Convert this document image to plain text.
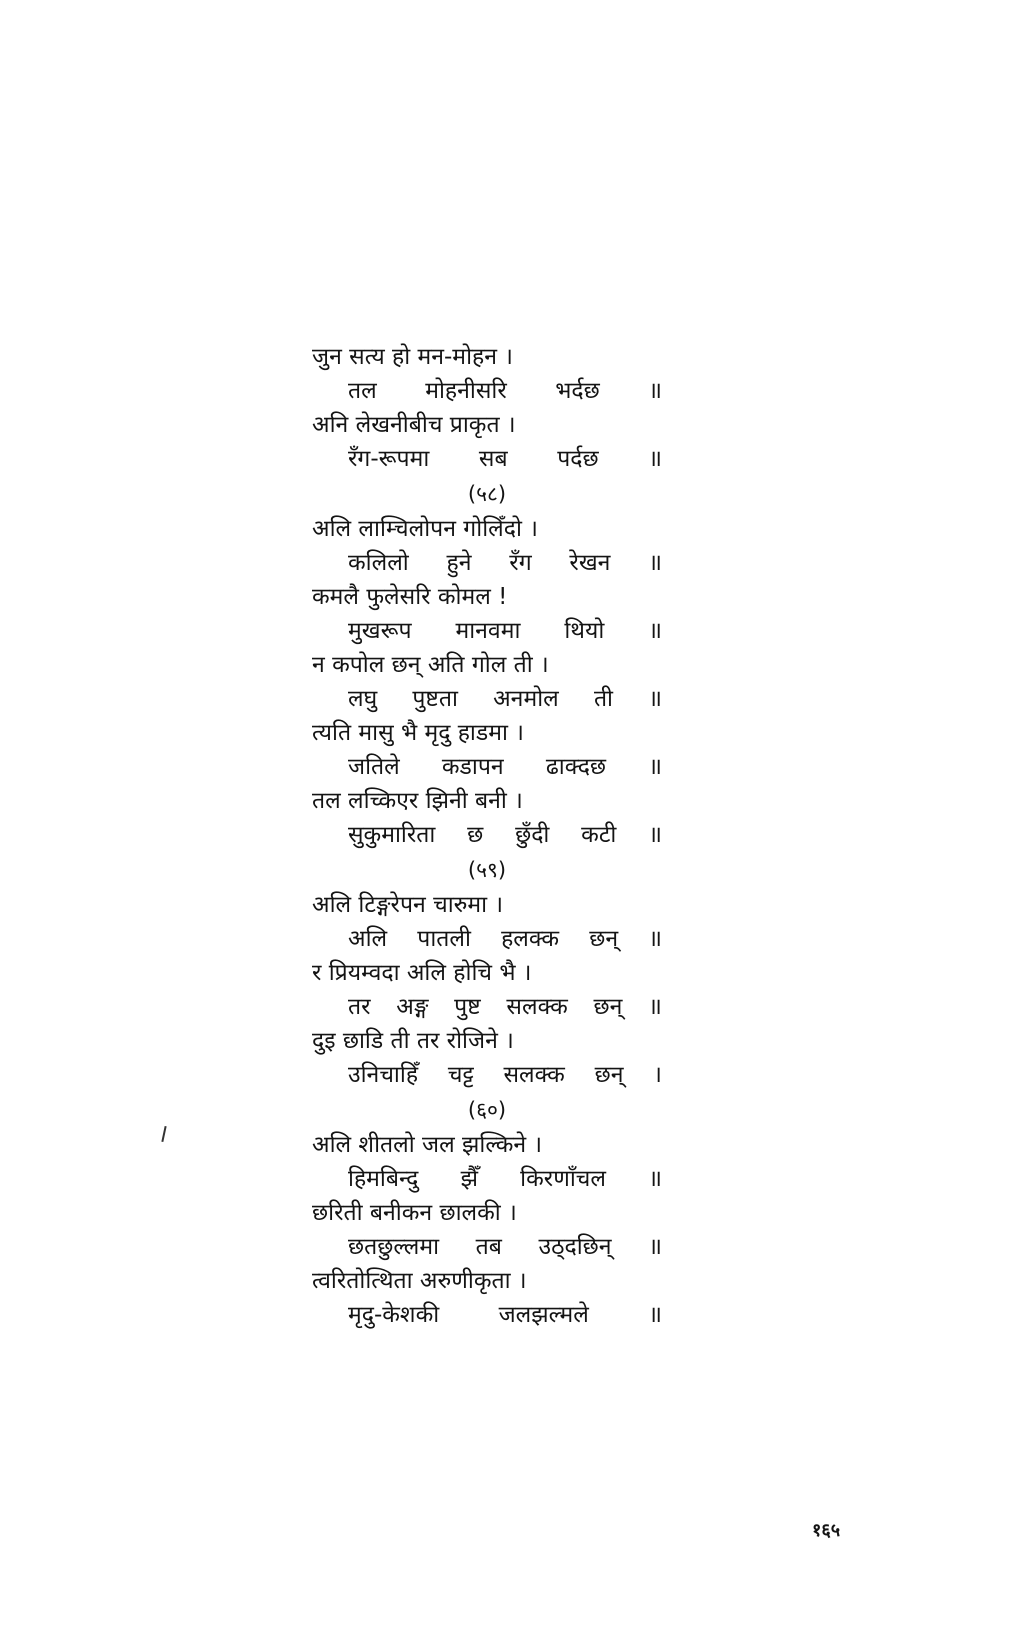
जुन सत्य हो मन-मोहन ।
तल मोहनीसरि भर्दछ ॥
अनि लेखनीबीच प्राकृत ।
रँग-रूपमा सब पर्दछ ॥
(५८)
अलि लाम्चिलोपन गोलिँदो ।
कलिलो हुने रँग रेखन ॥
कमलै फुलेसरि कोमल !
मुखरूप मानवमा थियो ॥
न कपोल छन् अति गोल ती ।
लघु पुष्टता अनमोल ती ॥
त्यति मासु भै मृदु हाडमा ।
जतिले कडापन ढाक्दछ ॥
तल लच्किएर झिनी बनी ।
सुकुमारिता छ छुँदी कटी ॥
(५९)
अलि टिङ्गरेपन चारुमा ।
अलि पातली हलक्क छन् ॥
र प्रियम्वदा अलि होचि भै ।
तर अङ्ग पुष्ट सलक्क छन् ॥
दुइ छाडि ती तर रोजिने ।
उनिचाहिँ चट्ट सलक्क छन् ।
(६०)
अलि शीतलो जल झल्किने ।
हिमबिन्दु झैँ किरणाँचल ॥
छरिती बनीकन छालकी ।
छतछुल्लमा तब उठ्दछिन् ॥
त्वरितोत्थिता अरुणीकृता ।
मृदु-केशकी	जलझल्मले	॥
१६५
